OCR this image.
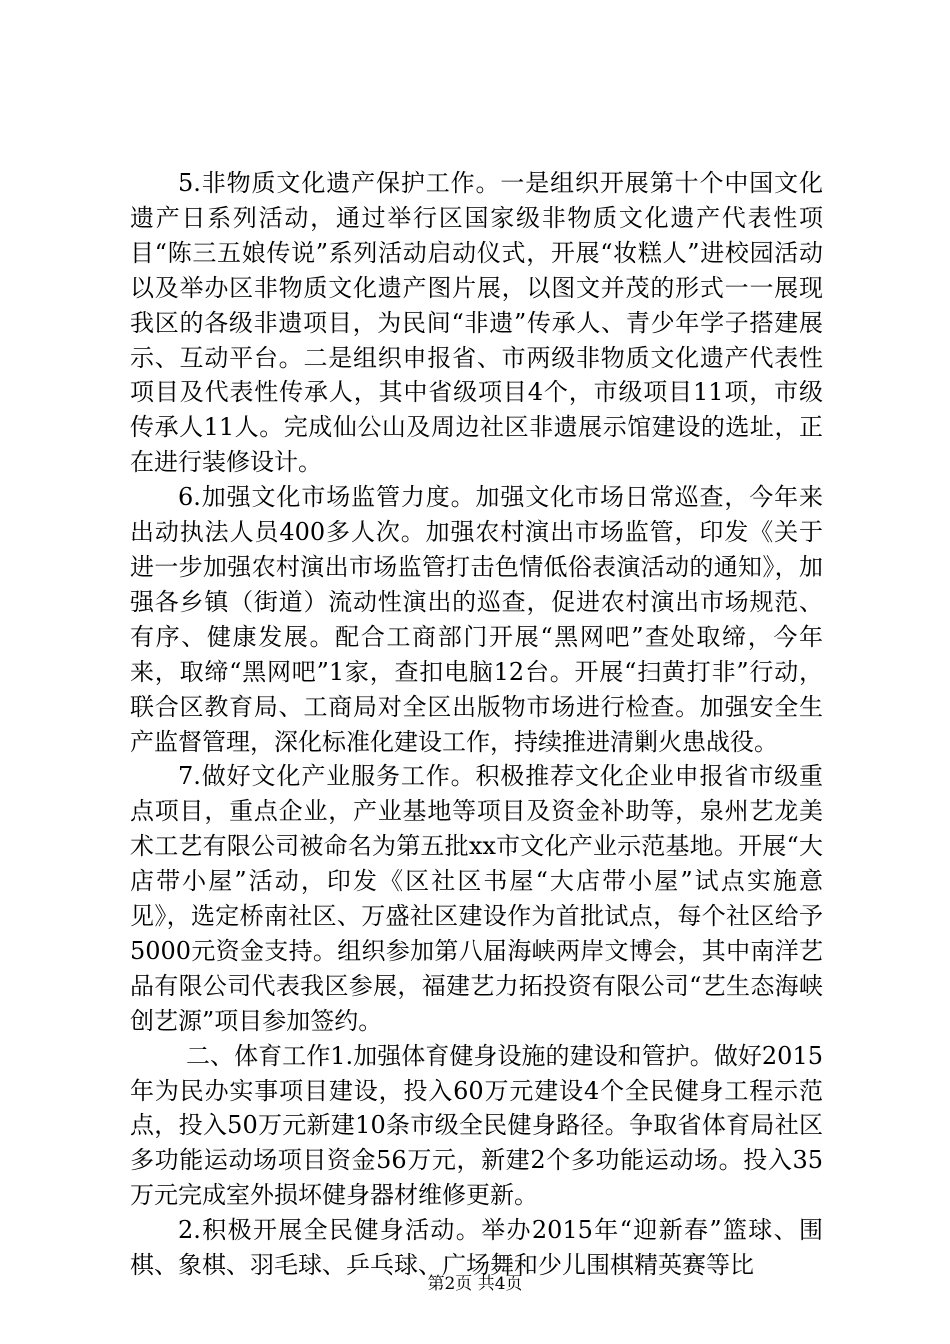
5.非物质文化遗产保护工作。一是组织开展第十个中国文化遗产日系列活动，通过举行区国家级非物质文化遗产代表性项目“陈三五娘传说”系列活动启动仪式，开展“妆糕人”进校园活动以及举办区非物质文化遗产图片展，以图文并茂的形式一一展现我区的各级非遗项目，为民间“非遗”传承人、青少年学子搭建展示、互动平台。二是组织申报省、市两级非物质文化遗产代表性项目及代表性传承人，其中省级项目4个，市级项目11项，市级传承人11人。完成仙公山及周边社区非遗展示馆建设的选址，正在进行装修设计。

6.加强文化市场监管力度。加强文化市场日常巡查，今年来出动执法人员400多人次。加强农村演出市场监管，印发《关于进一步加强农村演出市场监管打击色情低俗表演活动的通知》，加强各乡镇（街道）流动性演出的巡查，促进农村演出市场规范、有序、健康发展。配合工商部门开展“黑网吧”查处取缔，今年来，取缔“黑网吧”1家，查扣电脑12台。开展“扫黄打非”行动，联合区教育局、工商局对全区出版物市场进行检查。加强安全生产监督管理，深化标准化建设工作，持续推进清剿火患战役。

7.做好文化产业服务工作。积极推荐文化企业申报省市级重点项目，重点企业，产业基地等项目及资金补助等，泉州艺龙美术工艺有限公司被命名为第五批xx市文化产业示范基地。开展“大店带小屋”活动，印发《区社区书屋“大店带小屋”试点实施意见》，选定桥南社区、万盛社区建设作为首批试点，每个社区给予5000元资金支持。组织参加第八届海峡两岸文博会，其中南洋艺品有限公司代表我区参展，福建艺力拓投资有限公司“艺生态海峡创艺源”项目参加签约。

二、体育工作1.加强体育健身设施的建设和管护。做好2015年为民办实事项目建设，投入60万元建设4个全民健身工程示范点，投入50万元新建10条市级全民健身路径。争取省体育局社区多功能运动场项目资金56万元，新建2个多功能运动场。投入35万元完成室外损坏健身器材维修更新。

2.积极开展全民健身活动。举办2015年“迎新春”篮球、围棋、象棋、羽毛球、乒乓球、广场舞和少儿围棋精英赛等比

第2页 共4页
